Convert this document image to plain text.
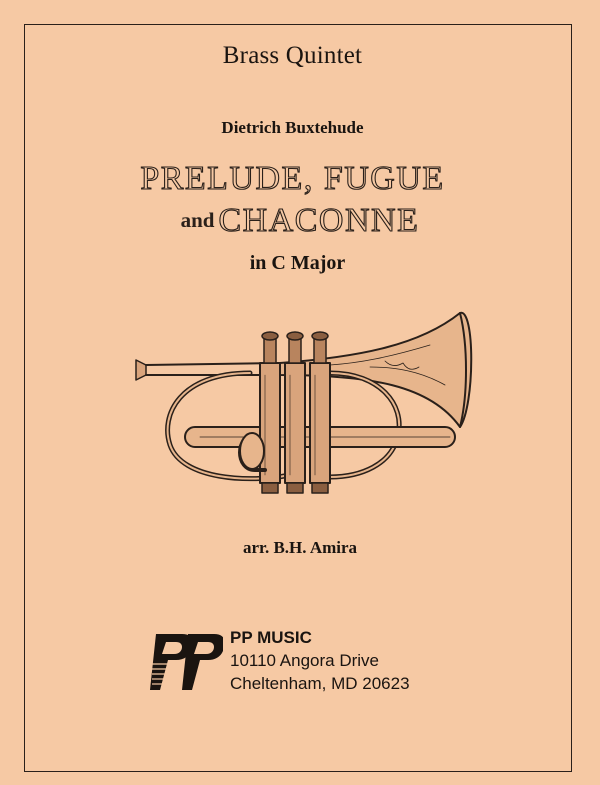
Brass Quintet
Dietrich Buxtehude
PRELUDE, FUGUE
and CHACONNE
in C Major
arr. B.H. Amira
PP MUSIC
10110 Angora Drive
Cheltenham, MD 20623
